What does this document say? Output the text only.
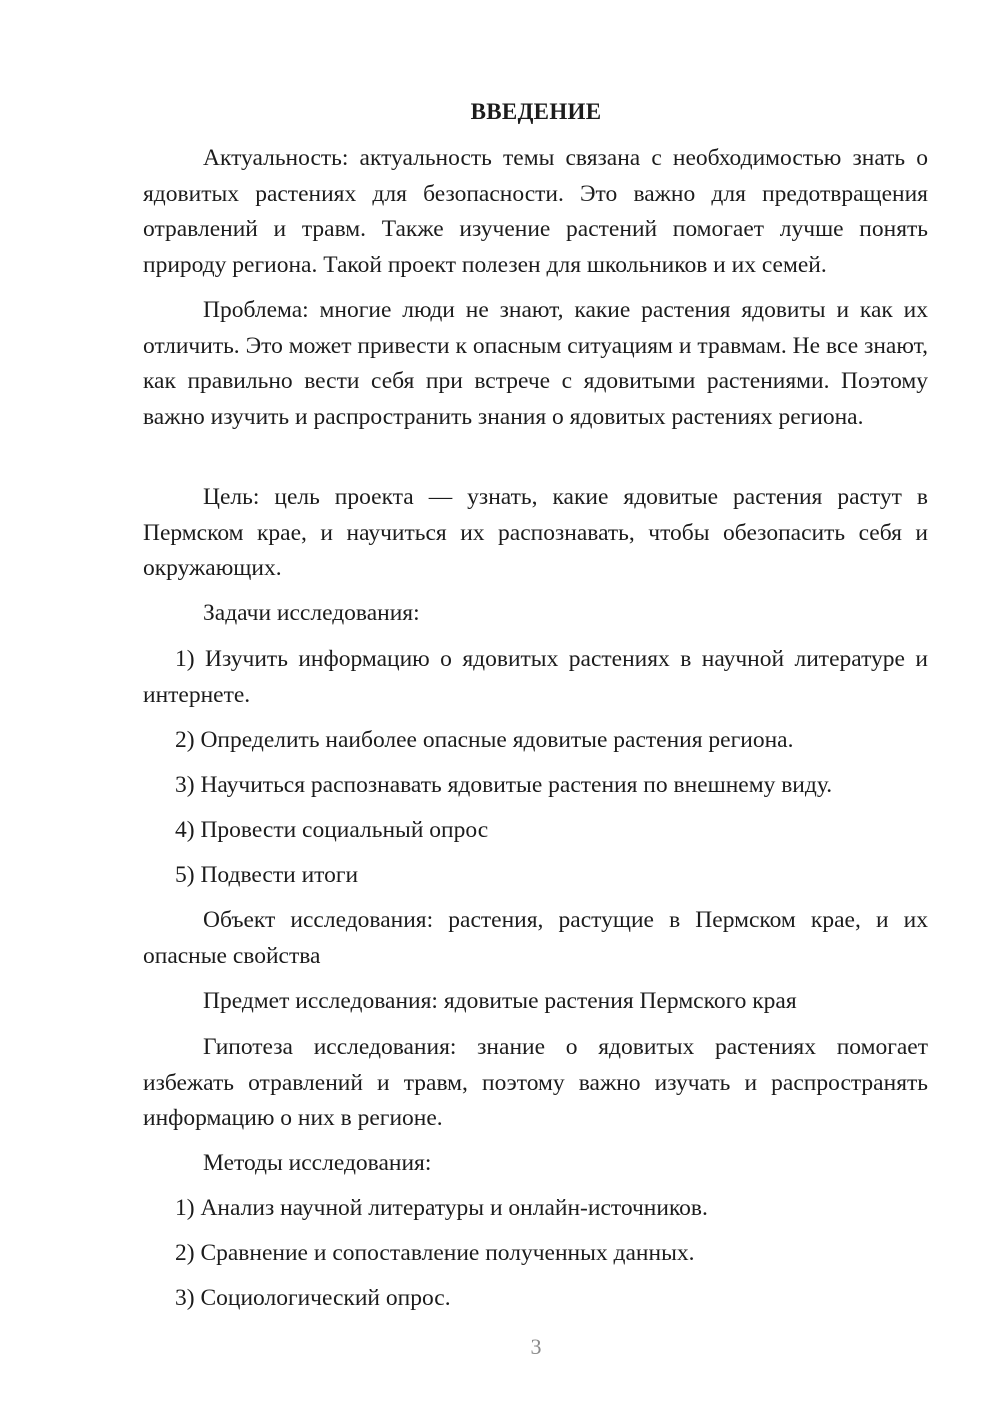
ВВЕДЕНИЕ

Актуальность: актуальность темы связана с необходимостью знать о ядовитых растениях для безопасности. Это важно для предотвращения отравлений и травм. Также изучение растений помогает лучше понять природу региона. Такой проект полезен для школьников и их семей.

Проблема: многие люди не знают, какие растения ядовиты и как их отличить. Это может привести к опасным ситуациям и травмам. Не все знают, как правильно вести себя при встрече с ядовитыми растениями. Поэтому важно изучить и распространить знания о ядовитых растениях региона.

Цель: цель проекта — узнать, какие ядовитые растения растут в Пермском крае, и научиться их распознавать, чтобы обезопасить себя и окружающих.

Задачи исследования:

1) Изучить информацию о ядовитых растениях в научной литературе и интернете.

2) Определить наиболее опасные ядовитые растения региона.

3) Научиться распознавать ядовитые растения по внешнему виду.

4) Провести социальный опрос

5) Подвести итоги

Объект исследования: растения, растущие в Пермском крае, и их опасные свойства

Предмет исследования: ядовитые растения Пермского края

Гипотеза исследования: знание о ядовитых растениях помогает избежать отравлений и травм, поэтому важно изучать и распространять информацию о них в регионе.

Методы исследования:

1) Анализ научной литературы и онлайн-источников.

2) Сравнение и сопоставление полученных данных.

3) Социологический опрос.

3
